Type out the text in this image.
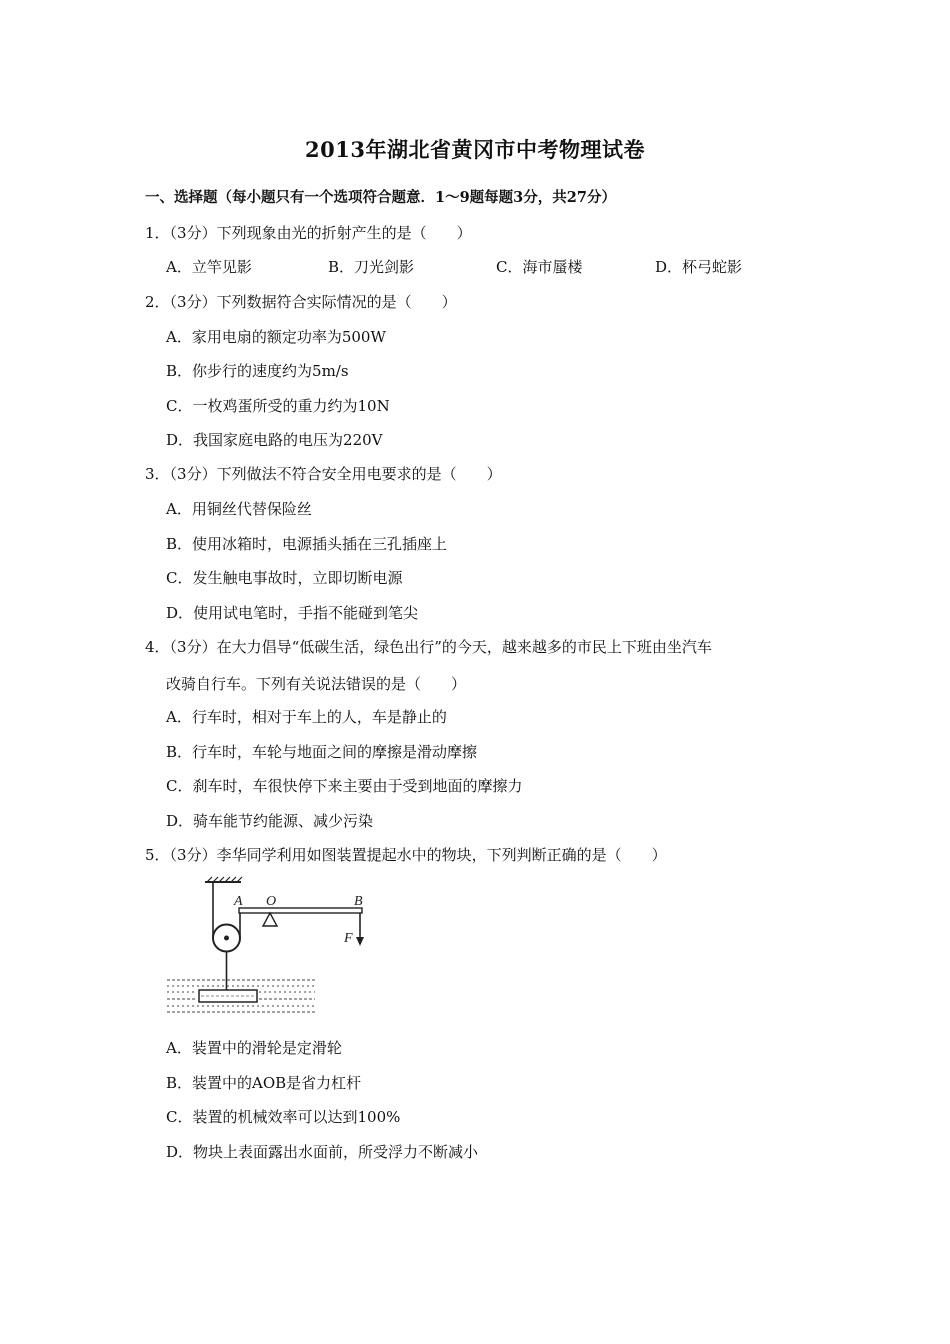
2013年湖北省黄冈市中考物理试卷
一、选择题（每小题只有一个选项符合题意．1～9题每题3分，共27分）
1．（3分）下列现象由光的折射产生的是（　　）
A．立竿见影	B．刀光剑影	C．海市蜃楼	D．杯弓蛇影
2．（3分）下列数据符合实际情况的是（　　）
A．家用电扇的额定功率为500W
B．你步行的速度约为5m/s
C．一枚鸡蛋所受的重力约为10N
D．我国家庭电路的电压为220V
3．（3分）下列做法不符合安全用电要求的是（　　）
A．用铜丝代替保险丝
B．使用冰箱时，电源插头插在三孔插座上
C．发生触电事故时，立即切断电源
D．使用试电笔时，手指不能碰到笔尖
4．（3分）在大力倡导“低碳生活，绿色出行”的今天，越来越多的市民上下班由坐汽车
改骑自行车。下列有关说法错误的是（　　）
A．行车时，相对于车上的人，车是静止的
B．行车时，车轮与地面之间的摩擦是滑动摩擦
C．刹车时，车很快停下来主要由于受到地面的摩擦力
D．骑车能节约能源、减少污染
5．（3分）李华同学利用如图装置提起水中的物块，下列判断正确的是（　　）
A O	B
F
A．装置中的滑轮是定滑轮
B．装置中的AOB是省力杠杆
C．装置的机械效率可以达到100%
D．物块上表面露出水面前，所受浮力不断减小
